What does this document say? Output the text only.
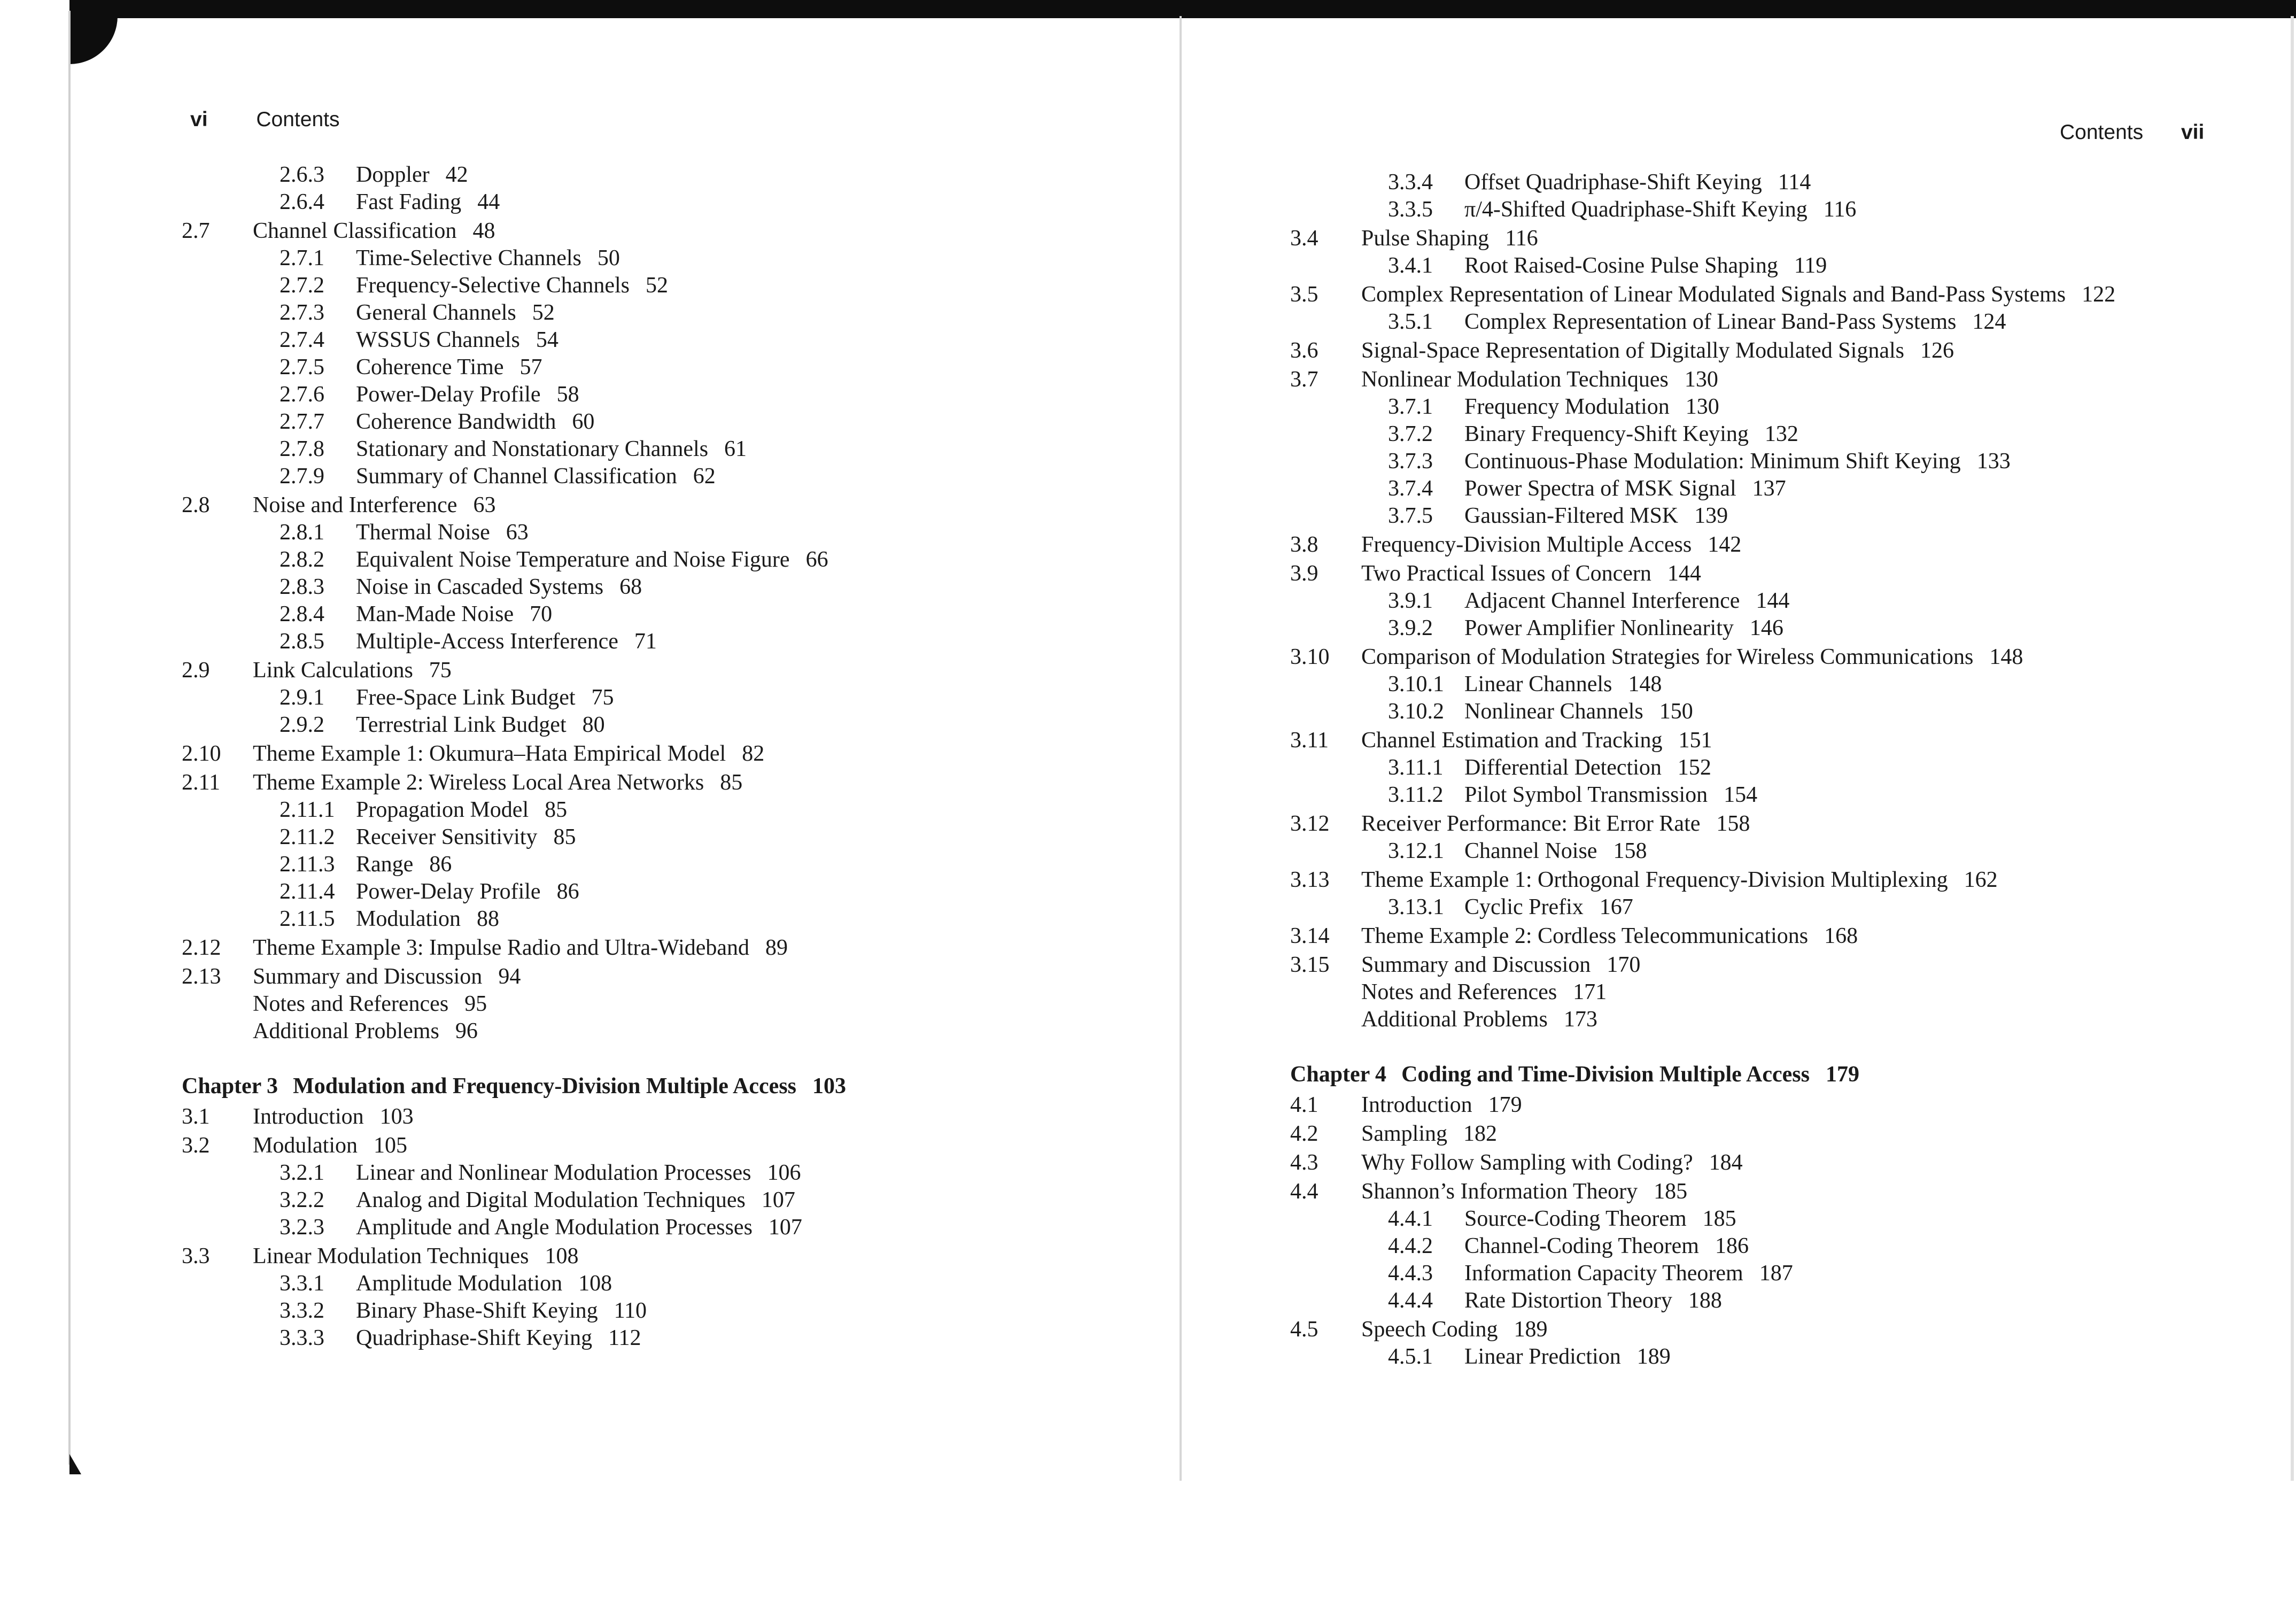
vi Contents
Contents vii
2.6.3 Doppler 42
2.6.4 Fast Fading 44
2.7 Channel Classification 48
2.7.1 Time-Selective Channels 50
2.7.2 Frequency-Selective Channels 52
2.7.3 General Channels 52
2.7.4 WSSUS Channels 54
2.7.5 Coherence Time 57
2.7.6 Power-Delay Profile 58
2.7.7 Coherence Bandwidth 60
2.7.8 Stationary and Nonstationary Channels 61
2.7.9 Summary of Channel Classification 62
2.8 Noise and Interference 63
2.8.1 Thermal Noise 63
2.8.2 Equivalent Noise Temperature and Noise Figure 66
2.8.3 Noise in Cascaded Systems 68
2.8.4 Man-Made Noise 70
2.8.5 Multiple-Access Interference 71
2.9 Link Calculations 75
2.9.1 Free-Space Link Budget 75
2.9.2 Terrestrial Link Budget 80
2.10 Theme Example 1: Okumura–Hata Empirical Model 82
2.11 Theme Example 2: Wireless Local Area Networks 85
2.11.1 Propagation Model 85
2.11.2 Receiver Sensitivity 85
2.11.3 Range 86
2.11.4 Power-Delay Profile 86
2.11.5 Modulation 88
2.12 Theme Example 3: Impulse Radio and Ultra-Wideband 89
2.13 Summary and Discussion 94
Notes and References 95
Additional Problems 96
Chapter 3 Modulation and Frequency-Division Multiple Access 103
3.1 Introduction 103
3.2 Modulation 105
3.2.1 Linear and Nonlinear Modulation Processes 106
3.2.2 Analog and Digital Modulation Techniques 107
3.2.3 Amplitude and Angle Modulation Processes 107
3.3 Linear Modulation Techniques 108
3.3.1 Amplitude Modulation 108
3.3.2 Binary Phase-Shift Keying 110
3.3.3 Quadriphase-Shift Keying 112
3.3.4 Offset Quadriphase-Shift Keying 114
3.3.5 π/4-Shifted Quadriphase-Shift Keying 116
3.4 Pulse Shaping 116
3.4.1 Root Raised-Cosine Pulse Shaping 119
3.5 Complex Representation of Linear Modulated Signals and Band-Pass Systems 122
3.5.1 Complex Representation of Linear Band-Pass Systems 124
3.6 Signal-Space Representation of Digitally Modulated Signals 126
3.7 Nonlinear Modulation Techniques 130
3.7.1 Frequency Modulation 130
3.7.2 Binary Frequency-Shift Keying 132
3.7.3 Continuous-Phase Modulation: Minimum Shift Keying 133
3.7.4 Power Spectra of MSK Signal 137
3.7.5 Gaussian-Filtered MSK 139
3.8 Frequency-Division Multiple Access 142
3.9 Two Practical Issues of Concern 144
3.9.1 Adjacent Channel Interference 144
3.9.2 Power Amplifier Nonlinearity 146
3.10 Comparison of Modulation Strategies for Wireless Communications 148
3.10.1 Linear Channels 148
3.10.2 Nonlinear Channels 150
3.11 Channel Estimation and Tracking 151
3.11.1 Differential Detection 152
3.11.2 Pilot Symbol Transmission 154
3.12 Receiver Performance: Bit Error Rate 158
3.12.1 Channel Noise 158
3.13 Theme Example 1: Orthogonal Frequency-Division Multiplexing 162
3.13.1 Cyclic Prefix 167
3.14 Theme Example 2: Cordless Telecommunications 168
3.15 Summary and Discussion 170
Notes and References 171
Additional Problems 173
Chapter 4 Coding and Time-Division Multiple Access 179
4.1 Introduction 179
4.2 Sampling 182
4.3 Why Follow Sampling with Coding? 184
4.4 Shannon’s Information Theory 185
4.4.1 Source-Coding Theorem 185
4.4.2 Channel-Coding Theorem 186
4.4.3 Information Capacity Theorem 187
4.4.4 Rate Distortion Theory 188
4.5 Speech Coding 189
4.5.1 Linear Prediction 189
